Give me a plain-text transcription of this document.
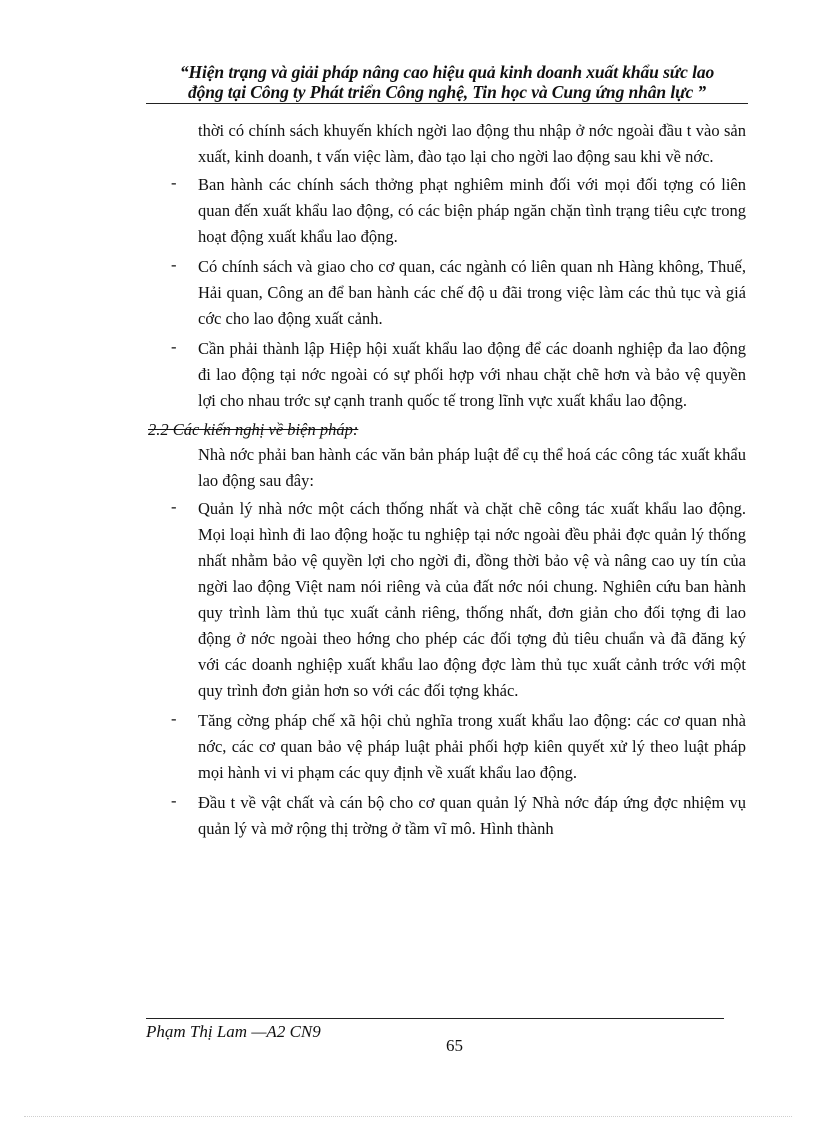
“Hiện trạng và giải pháp nâng cao hiệu quả kinh doanh xuất khẩu sức lao
động tại Công ty Phát triển Công nghệ, Tin học và Cung ứng nhân lực ”

thời có chính sách khuyến khích ngời lao động thu nhập ở nớc ngoài đầu t vào sản xuất, kinh doanh, t vấn việc làm, đào tạo lại cho ngời lao động sau khi về nớc.

- Ban hành các chính sách thởng phạt nghiêm minh đối với mọi đối tợng có liên quan đến xuất khẩu lao động, có các biện pháp ngăn chặn tình trạng tiêu cực trong hoạt động xuất khẩu lao động.
- Có chính sách và giao cho cơ quan, các ngành có liên quan nh Hàng không, Thuế, Hải quan, Công an để ban hành các chế độ u đãi trong việc làm các thủ tục và giá cớc cho lao động xuất cảnh.
- Cần phải thành lập Hiệp hội xuất khẩu lao động để các doanh nghiệp đa lao động đi lao động tại nớc ngoài có sự phối hợp với nhau chặt chẽ hơn và bảo vệ quyền lợi cho nhau trớc sự cạnh tranh quốc tế trong lĩnh vực xuất khẩu lao động.

2.2 Các kiến nghị về biện pháp:

Nhà nớc phải ban hành các văn bản pháp luật để cụ thể hoá các công tác xuất khẩu lao động sau đây:

- Quản lý nhà nớc một cách thống nhất và chặt chẽ công tác xuất khẩu lao động. Mọi loại hình đi lao động hoặc tu nghiệp tại nớc ngoài đều phải đợc quản lý thống nhất nhằm bảo vệ quyền lợi cho ngời đi, đồng thời bảo vệ và nâng cao uy tín của ngời lao động Việt nam nói riêng và của đất nớc nói chung. Nghiên cứu ban hành quy trình làm thủ tục xuất cảnh riêng, thống nhất, đơn giản cho đối tợng đi lao động ở nớc ngoài theo hớng cho phép các đối tợng đủ tiêu chuẩn và đã đăng ký với các doanh nghiệp xuất khẩu lao động đợc làm thủ tục xuất cảnh trớc với một quy trình đơn giản hơn so với các đối tợng khác.
- Tăng cờng pháp chế xã hội chủ nghĩa trong xuất khẩu lao động: các cơ quan nhà nớc, các cơ quan bảo vệ pháp luật phải phối hợp kiên quyết xử lý theo luật pháp mọi hành vi vi phạm các quy định về xuất khẩu lao động.
- Đầu t về vật chất và cán bộ cho cơ quan quản lý Nhà nớc đáp ứng đợc nhiệm vụ quản lý và mở rộng thị trờng ở tầm vĩ mô. Hình thành
Phạm Thị Lam —A2 CN9
65
